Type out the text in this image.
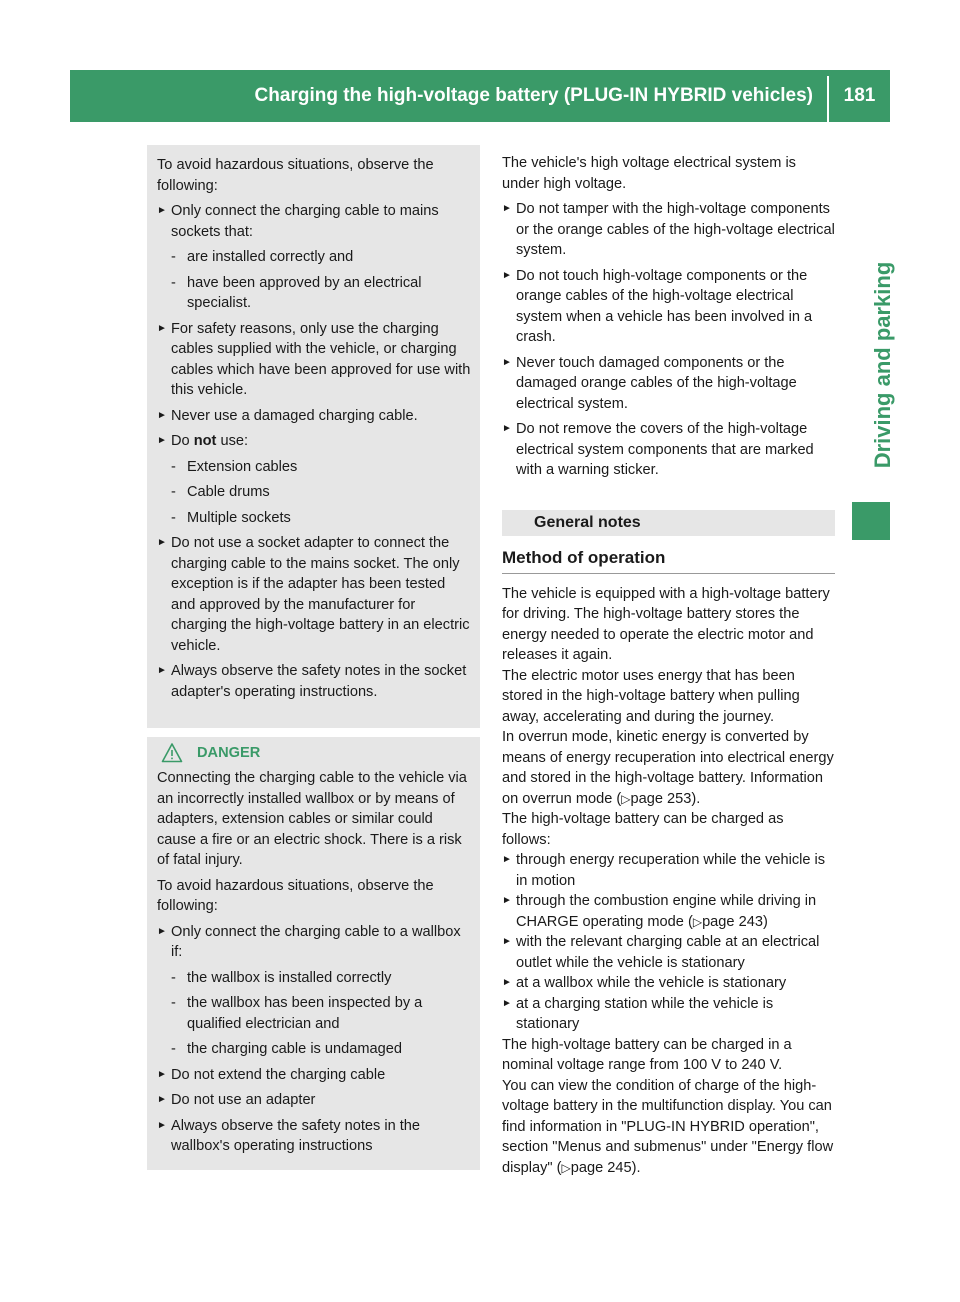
Charging the high-voltage battery (PLUG-IN HYBRID vehicles)	181
Driving and parking

To avoid hazardous situations, observe the following:

► Only connect the charging cable to mains sockets that:
- are installed correctly and
- have been approved by an electrical specialist.
► For safety reasons, only use the charging cables supplied with the vehicle, or charging cables which have been approved for use with this vehicle.
► Never use a damaged charging cable.
► Do not use:
- Extension cables
- Cable drums
- Multiple sockets
► Do not use a socket adapter to connect the charging cable to the mains socket. The only exception is if the adapter has been tested and approved by the manufacturer for charging the high-voltage battery in an electric vehicle.
► Always observe the safety notes in the socket adapter's operating instructions.
DANGER

Connecting the charging cable to the vehicle via an incorrectly installed wallbox or by means of adapters, extension cables or similar could cause a fire or an electric shock. There is a risk of fatal injury.

To avoid hazardous situations, observe the following:

► Only connect the charging cable to a wallbox if:
- the wallbox is installed correctly
- the wallbox has been inspected by a qualified electrician and
- the charging cable is undamaged
► Do not extend the charging cable
► Do not use an adapter
► Always observe the safety notes in the wallbox's operating instructions

The vehicle's high voltage electrical system is under high voltage.

► Do not tamper with the high-voltage components or the orange cables of the high-voltage electrical system.
► Do not touch high-voltage components or the orange cables of the high-voltage electrical system when a vehicle has been involved in a crash.
► Never touch damaged components or the damaged orange cables of the high-voltage electrical system.
► Do not remove the covers of the high-voltage electrical system components that are marked with a warning sticker.
General notes
Method of operation

The vehicle is equipped with a high-voltage battery for driving. The high-voltage battery stores the energy needed to operate the electric motor and releases it again.

The electric motor uses energy that has been stored in the high-voltage battery when pulling away, accelerating and during the journey.

In overrun mode, kinetic energy is converted by means of energy recuperation into electrical energy and stored in the high-voltage battery. Information on overrun mode (▷page 253).

The high-voltage battery can be charged as follows:

► through energy recuperation while the vehicle is in motion
► through the combustion engine while driving in CHARGE operating mode (▷page 243)
► with the relevant charging cable at an electrical outlet while the vehicle is stationary
► at a wallbox while the vehicle is stationary
► at a charging station while the vehicle is stationary

The high-voltage battery can be charged in a nominal voltage range from 100 V to 240 V.

You can view the condition of charge of the high-voltage battery in the multifunction display. You can find information in "PLUG-IN HYBRID operation", section "Menus and submenus" under "Energy flow display" (▷page 245).
